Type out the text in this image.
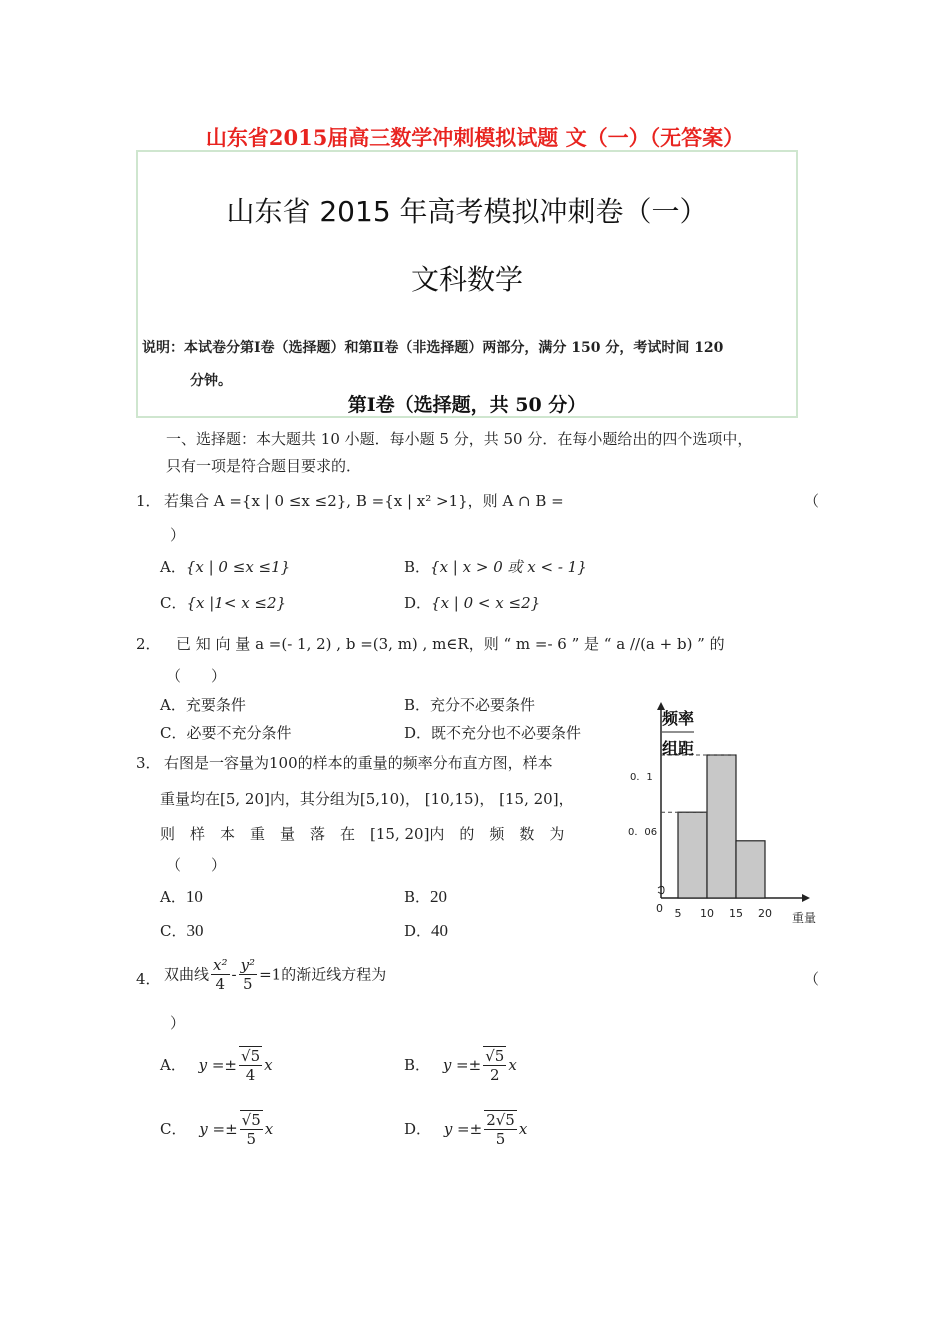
山东省2015届高三数学冲刺模拟试题 文（一）（无答案）
山东省 2015 年高考模拟冲刺卷（一）
文科数学
说明：本试卷分第Ⅰ卷（选择题）和第Ⅱ卷（非选择题）两部分，满分 150 分，考试时间 120
分钟。
第Ⅰ卷（选择题，共 50 分）
一、选择题：本大题共 10 小题．每小题 5 分，共 50 分．在每小题给出的四个选项中，
只有一项是符合题目要求的．
1． 若集合 A ={x | 0 ≤x ≤2}, B ={x | x² >1}，则 A ∩ B =	（
）
A．{x | 0 ≤x ≤1}	B．{x | x > 0 或 x < - 1}
C．{x |1< x ≤2}	D．{x | 0 < x ≤2}
2． 已 知 向 量 a =(- 1, 2) , b =(3, m) , m∈R，则 “ m =- 6 ” 是 “ a //(a + b) ” 的
（　　）
A．充要条件	B．充分不必要条件
C．必要不充分条件	D．既不充分也不必要条件
3． 右图是一容量为100的样本的重量的频率分布直方图，样本
重量均在[5, 20]内，其分组为[5,10)， [10,15)， [15, 20]，
则　样　本　重　量　落　在　[15, 20]内　的　频　数　为
（　　）
A．10	B．20
C．30	D．40
频率
组距
0．1
0．06
0 5 10 15 20 重量
4． 双曲线 $\frac{\text{x²}}{4} - \frac{\text{y²}}{5} =1$的渐近线方程为	（
）
A． $y =\pm \frac{√5}{4}$ x	B． $y =\pm \frac{√5}{2}$ x
C． $y =\pm \frac{√5}{5}$ x	D． $y =\pm \frac{2√5}{5}$ x
